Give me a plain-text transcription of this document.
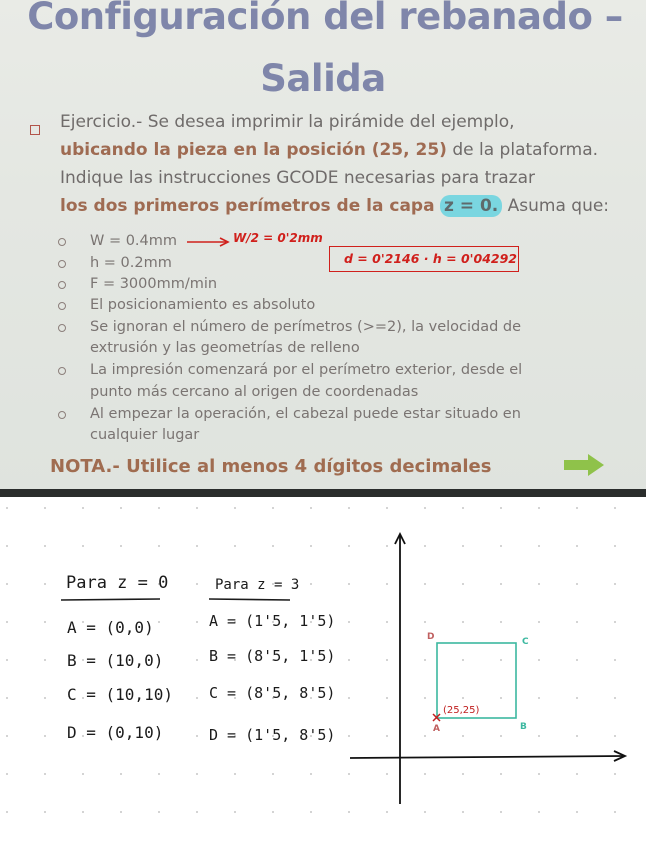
Configuración del rebanado –
Salida
Ejercicio.- Se desea imprimir la pirámide del ejemplo,
ubicando la pieza en la posición (25, 25) de la plataforma.
Indique las instrucciones GCODE necesarias para trazar
los dos primeros perímetros de la capa z = 0. Asuma que:
W = 0.4mm	W/2 = 0'2mm
h = 0.2mm	d = 0'2146 · h = 0'04292
F = 3000mm/min
El posicionamiento es absoluto
Se ignoran el número de perímetros (>=2), la velocidad de
extrusión y las geometrías de relleno
La impresión comenzará por el perímetro exterior, desde el
punto más cercano al origen de coordenadas
Al empezar la operación, el cabezal puede estar situado en
cualquier lugar
NOTA.- Utilice al menos 4 dígitos decimales
Para z = 0
A = (0,0)
B = (10,0)
C = (10,10)
D = (0,10)
Para z = 3
A = (1'5, 1'5)
B = (8'5, 1'5)
C = (8'5, 8'5)
D = (1'5, 8'5)
(25,25)
D	C
A	B
